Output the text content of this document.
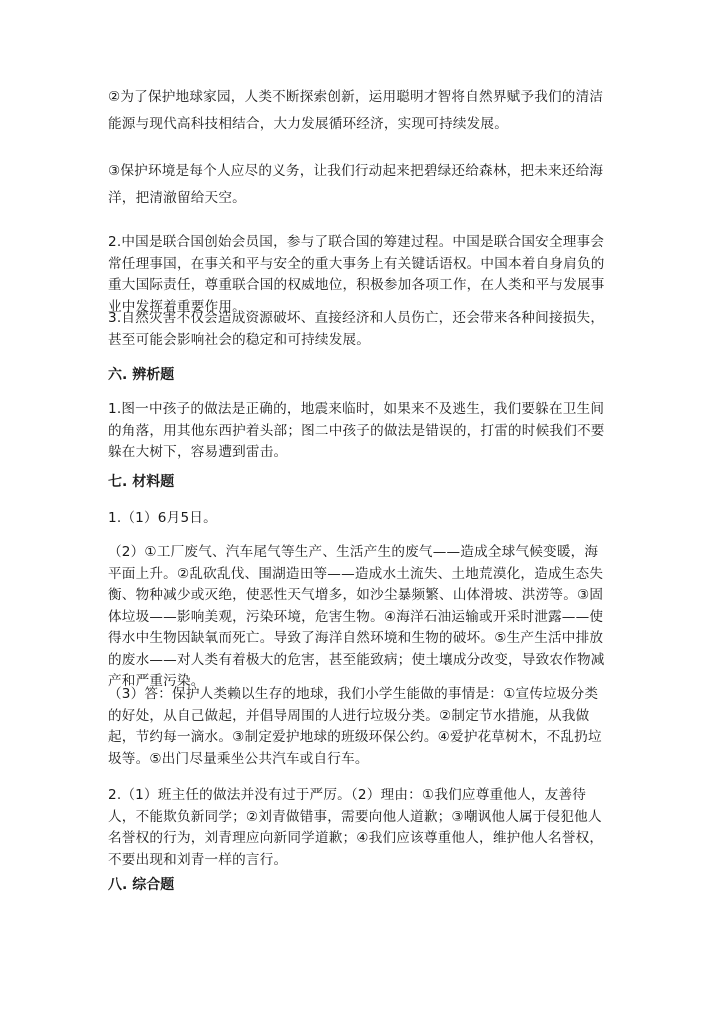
②为了保护地球家园，人类不断探索创新，运用聪明才智将自然界赋予我们的清洁能源与现代高科技相结合，大力发展循环经济，实现可持续发展。

③保护环境是每个人应尽的义务，让我们行动起来把碧绿还给森林，把未来还给海洋，把清澈留给天空。

2.中国是联合国创始会员国，参与了联合国的筹建过程。中国是联合国安全理事会常任理事国，在事关和平与安全的重大事务上有关键话语权。中国本着自身肩负的重大国际责任，尊重联合国的权威地位，积极参加各项工作，在人类和平与发展事业中发挥着重要作用。

3.自然灾害不仅会造成资源破坏、直接经济和人员伤亡，还会带来各种间接损失，甚至可能会影响社会的稳定和可持续发展。

六. 辨析题

1.图一中孩子的做法是正确的，地震来临时，如果来不及逃生，我们要躲在卫生间的角落，用其他东西护着头部；图二中孩子的做法是错误的，打雷的时候我们不要躲在大树下，容易遭到雷击。

七. 材料题

1.（1）6月5日。

（2）①工厂废气、汽车尾气等生产、生活产生的废气——造成全球气候变暖，海平面上升。②乱砍乱伐、围湖造田等——造成水土流失、土地荒漠化，造成生态失衡、物种减少或灭绝，使恶性天气增多，如沙尘暴频繁、山体滑坡、洪涝等。③固体垃圾——影响美观，污染环境，危害生物。④海洋石油运输或开采时泄露——使得水中生物因缺氧而死亡。导致了海洋自然环境和生物的破坏。⑤生产生活中排放的废水——对人类有着极大的危害，甚至能致病；使土壤成分改变，导致农作物减产和严重污染。

（3）答：保护人类赖以生存的地球，我们小学生能做的事情是：①宣传垃圾分类的好处，从自己做起，并倡导周围的人进行垃圾分类。②制定节水措施，从我做起，节约每一滴水。③制定爱护地球的班级环保公约。④爱护花草树木，不乱扔垃圾等。⑤出门尽量乘坐公共汽车或自行车。

2.（1）班主任的做法并没有过于严厉。（2）理由：①我们应尊重他人，友善待人，不能欺负新同学；②刘青做错事，需要向他人道歉；③嘲讽他人属于侵犯他人名誉权的行为，刘青理应向新同学道歉；④我们应该尊重他人，维护他人名誉权，不要出现和刘青一样的言行。

八. 综合题
